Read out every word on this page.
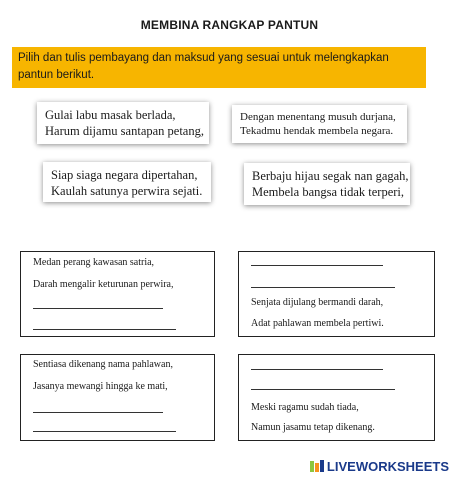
MEMBINA RANGKAP PANTUN
Pilih dan tulis pembayang dan maksud yang sesuai untuk melengkapkan
pantun berikut.
Gulai labu masak berlada,
Harum dijamu santapan petang,
Dengan menentang musuh durjana,
Tekadmu hendak membela negara.
Siap siaga negara dipertahan,
Kaulah satunya perwira sejati.
Berbaju hijau segak nan gagah,
Membela bangsa tidak terperi,
Medan perang kawasan satria,
Darah mengalir keturunan perwira,
Senjata dijulang bermandi darah,
Adat pahlawan membela pertiwi.
Sentiasa dikenang nama pahlawan,
Jasanya mewangi hingga ke mati,
Meski ragamu sudah tiada,
Namun jasamu tetap dikenang.
LIVEWORKSHEETS
